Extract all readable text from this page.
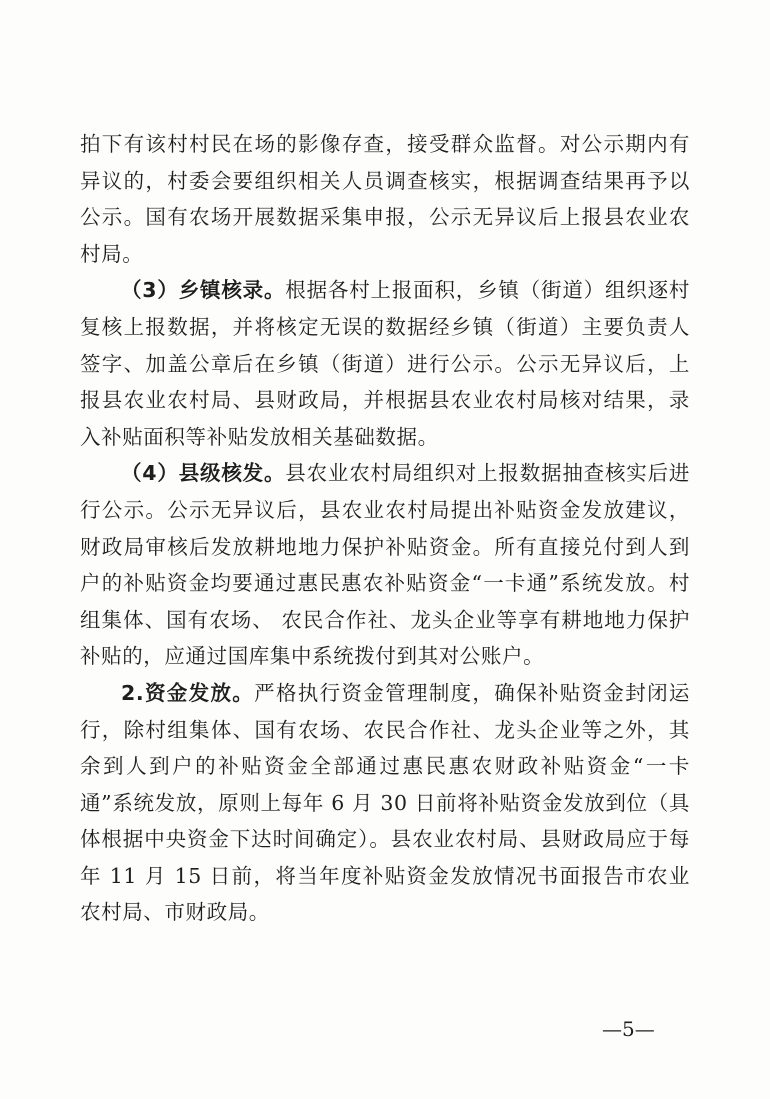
拍下有该村村民在场的影像存查，接受群众监督。对公示期内有异议的，村委会要组织相关人员调查核实，根据调查结果再予以公示。国有农场开展数据采集申报，公示无异议后上报县农业农村局。

（3）乡镇核录。根据各村上报面积，乡镇（街道）组织逐村复核上报数据，并将核定无误的数据经乡镇（街道）主要负责人签字、加盖公章后在乡镇（街道）进行公示。公示无异议后，上报县农业农村局、县财政局，并根据县农业农村局核对结果，录入补贴面积等补贴发放相关基础数据。

（4）县级核发。县农业农村局组织对上报数据抽查核实后进行公示。公示无异议后，县农业农村局提出补贴资金发放建议，财政局审核后发放耕地地力保护补贴资金。所有直接兑付到人到户的补贴资金均要通过惠民惠农补贴资金“一卡通”系统发放。村组集体、国有农场、 农民合作社、龙头企业等享有耕地地力保护补贴的，应通过国库集中系统拨付到其对公账户。

2.资金发放。严格执行资金管理制度，确保补贴资金封闭运行，除村组集体、国有农场、农民合作社、龙头企业等之外，其余到人到户的补贴资金全部通过惠民惠农财政补贴资金“一卡通”系统发放，原则上每年 6 月 30 日前将补贴资金发放到位（具体根据中央资金下达时间确定）。县农业农村局、县财政局应于每年 11 月 15 日前，将当年度补贴资金发放情况书面报告市农业农村局、市财政局。

—5—
